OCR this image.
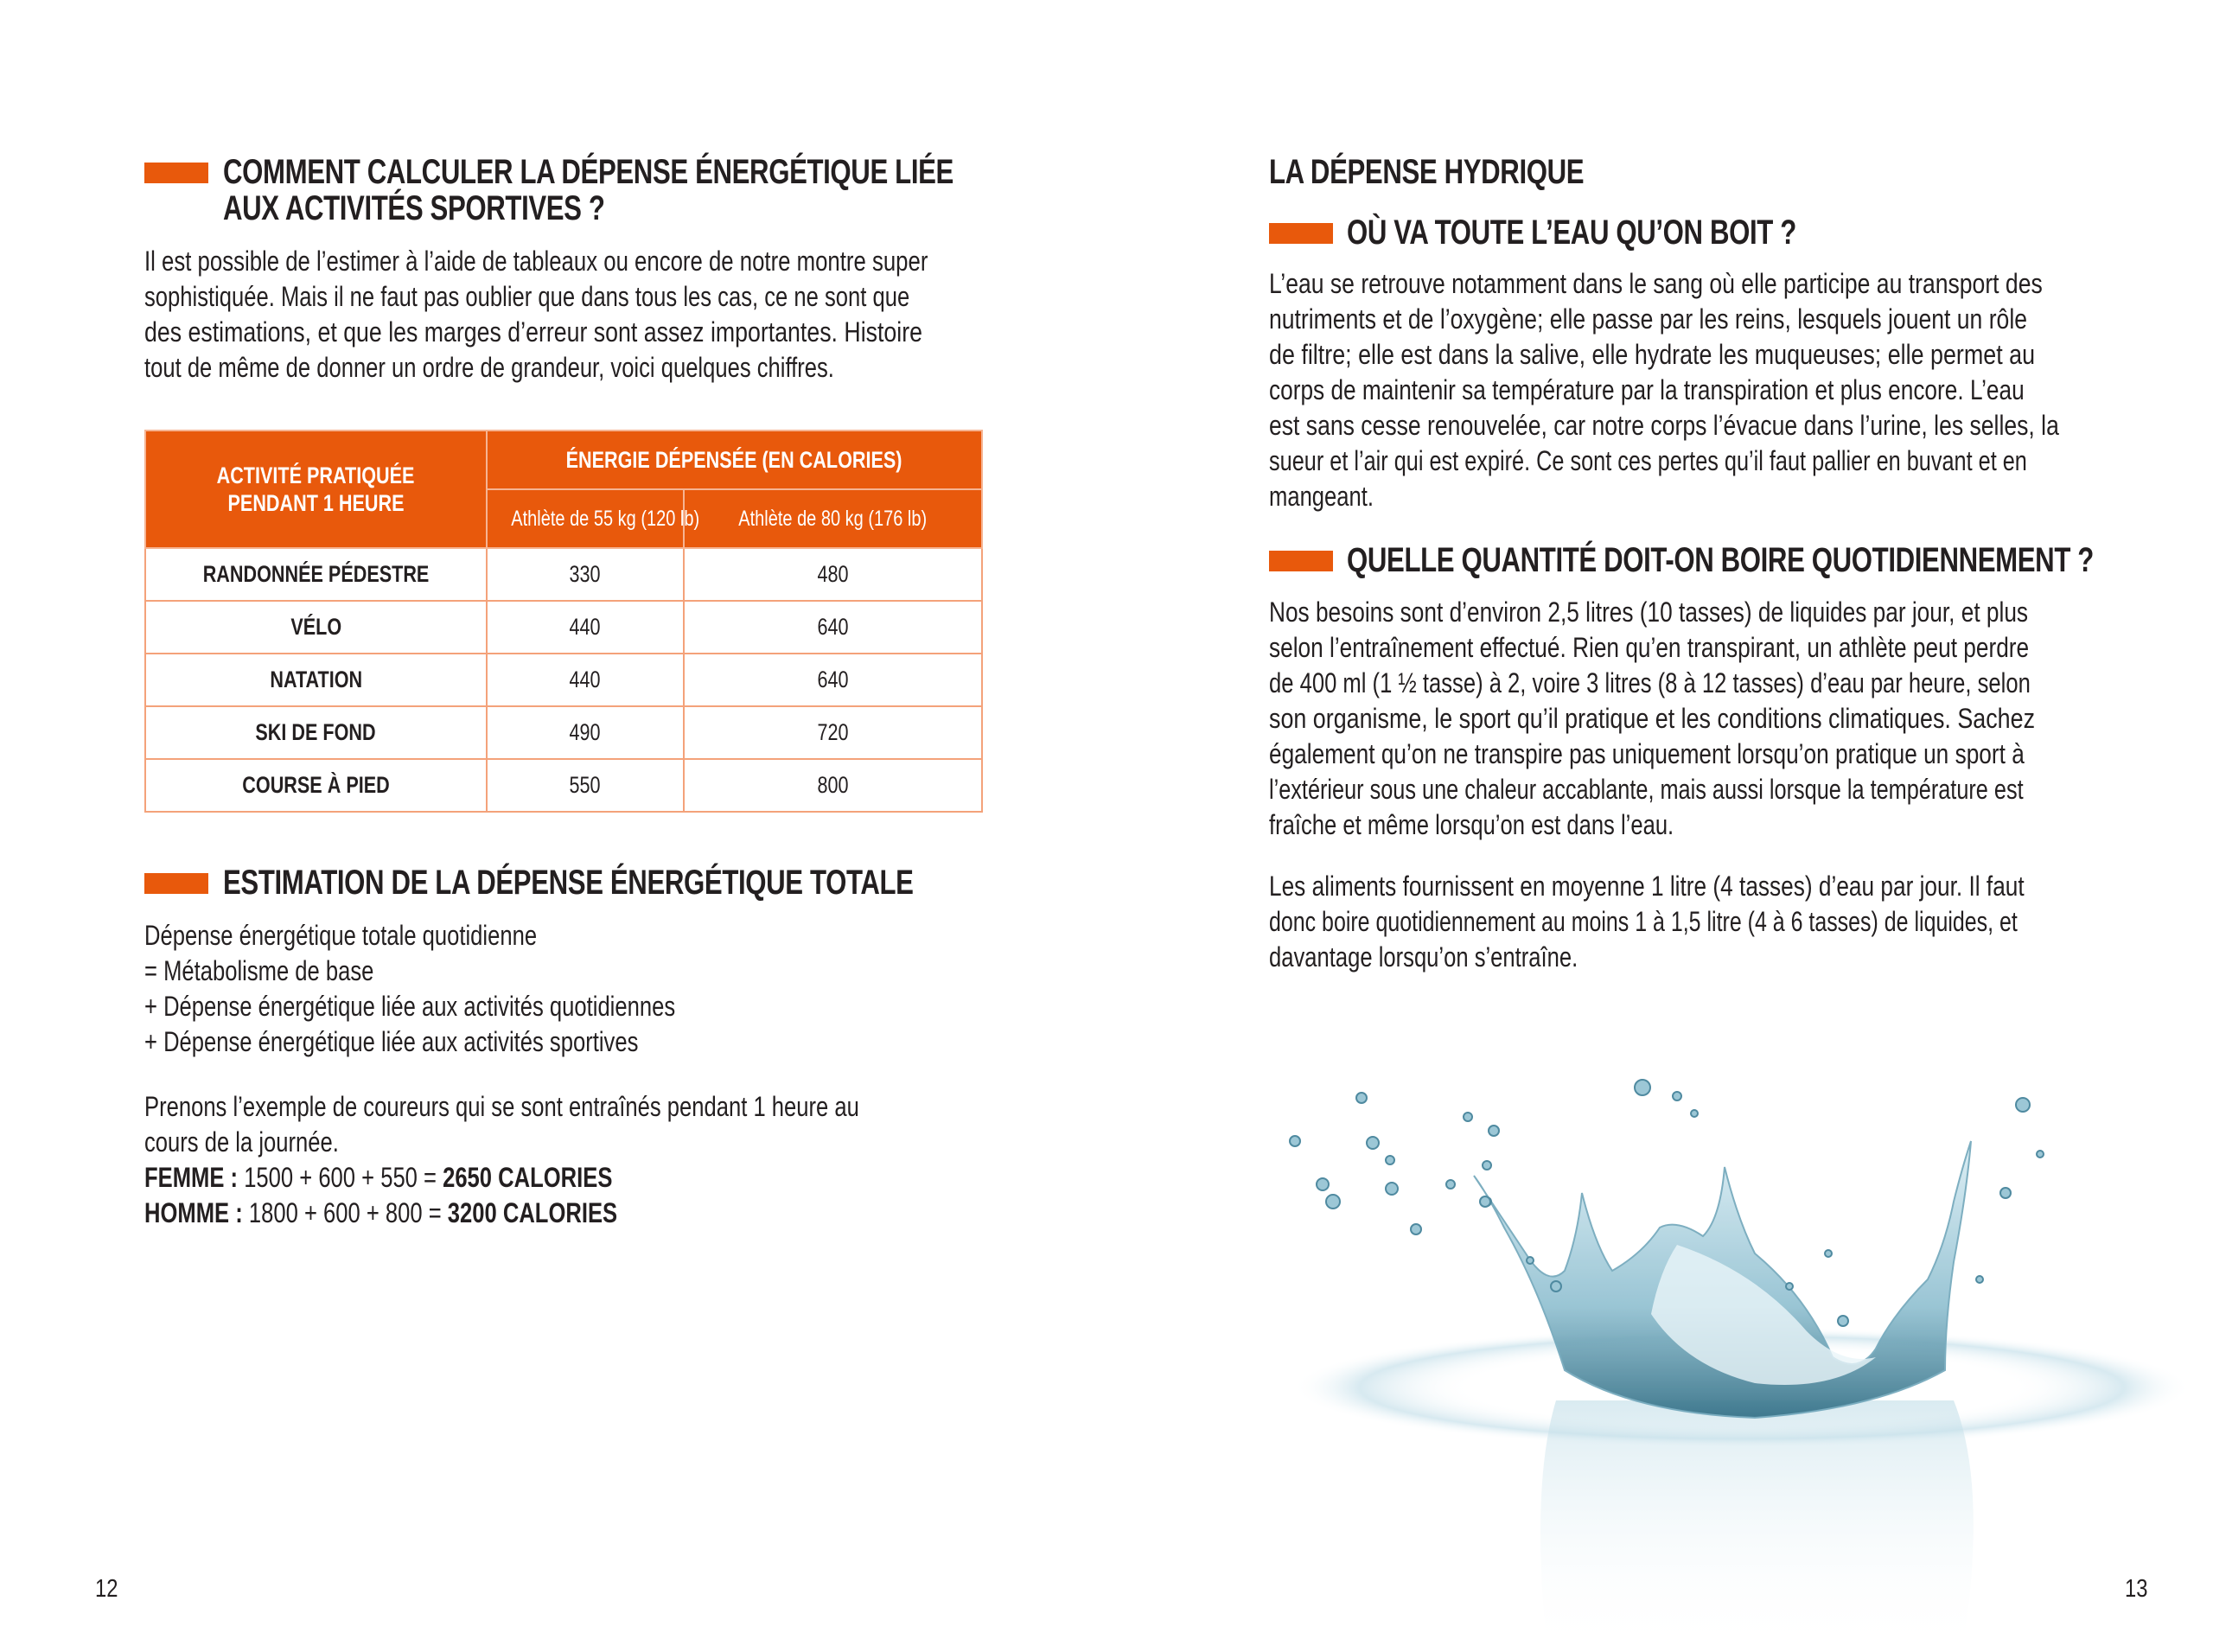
COMMENT CALCULER LA DÉPENSE ÉNERGÉTIQUE LIÉE
AUX ACTIVITÉS SPORTIVES ?
Il est possible de l’estimer à l’aide de tableaux ou encore de notre montre super
sophistiquée. Mais il ne faut pas oublier que dans tous les cas, ce ne sont que
des estimations, et que les marges d’erreur sont assez importantes. Histoire
tout de même de donner un ordre de grandeur, voici quelques chiffres.
ACTIVITÉ PRATIQUÉE
PENDANT 1 HEURE	ÉNERGIE DÉPENSÉE (EN CALORIES)	
	Athlète de 55 kg (120 lb)	Athlète de 80 kg (176 lb)
RANDONNÉE PÉDESTRE	330	480
VÉLO	440	640
NATATION	440	640
SKI DE FOND	490	720
COURSE À PIED	550	800
ESTIMATION DE LA DÉPENSE ÉNERGÉTIQUE TOTALE
Dépense énergétique totale quotidienne
= Métabolisme de base
+ Dépense énergétique liée aux activités quotidiennes
+ Dépense énergétique liée aux activités sportives
Prenons l’exemple de coureurs qui se sont entraînés pendant 1 heure au
cours de la journée.
FEMME : 1500 + 600 + 550 = 2650 CALORIES
HOMME : 1800 + 600 + 800 = 3200 CALORIES
12
LA DÉPENSE HYDRIQUE
OÙ VA TOUTE L’EAU QU’ON BOIT ?
L’eau se retrouve notamment dans le sang où elle participe au transport des
nutriments et de l’oxygène; elle passe par les reins, lesquels jouent un rôle
de filtre; elle est dans la salive, elle hydrate les muqueuses; elle permet au
corps de maintenir sa température par la transpiration et plus encore. L’eau
est sans cesse renouvelée, car notre corps l’évacue dans l’urine, les selles, la
sueur et l’air qui est expiré. Ce sont ces pertes qu’il faut pallier en buvant et en
mangeant.
QUELLE QUANTITÉ DOIT-ON BOIRE QUOTIDIENNEMENT ?
Nos besoins sont d’environ 2,5 litres (10 tasses) de liquides par jour, et plus
selon l’entraînement effectué. Rien qu’en transpirant, un athlète peut perdre
de 400 ml (1 ½ tasse) à 2, voire 3 litres (8 à 12 tasses) d’eau par heure, selon
son organisme, le sport qu’il pratique et les conditions climatiques. Sachez
également qu’on ne transpire pas uniquement lorsqu’on pratique un sport à
l’extérieur sous une chaleur accablante, mais aussi lorsque la température est
fraîche et même lorsqu’on est dans l’eau.
Les aliments fournissent en moyenne 1 litre (4 tasses) d’eau par jour. Il faut
donc boire quotidiennement au moins 1 à 1,5 litre (4 à 6 tasses) de liquides, et
davantage lorsqu’on s’entraîne.
13
